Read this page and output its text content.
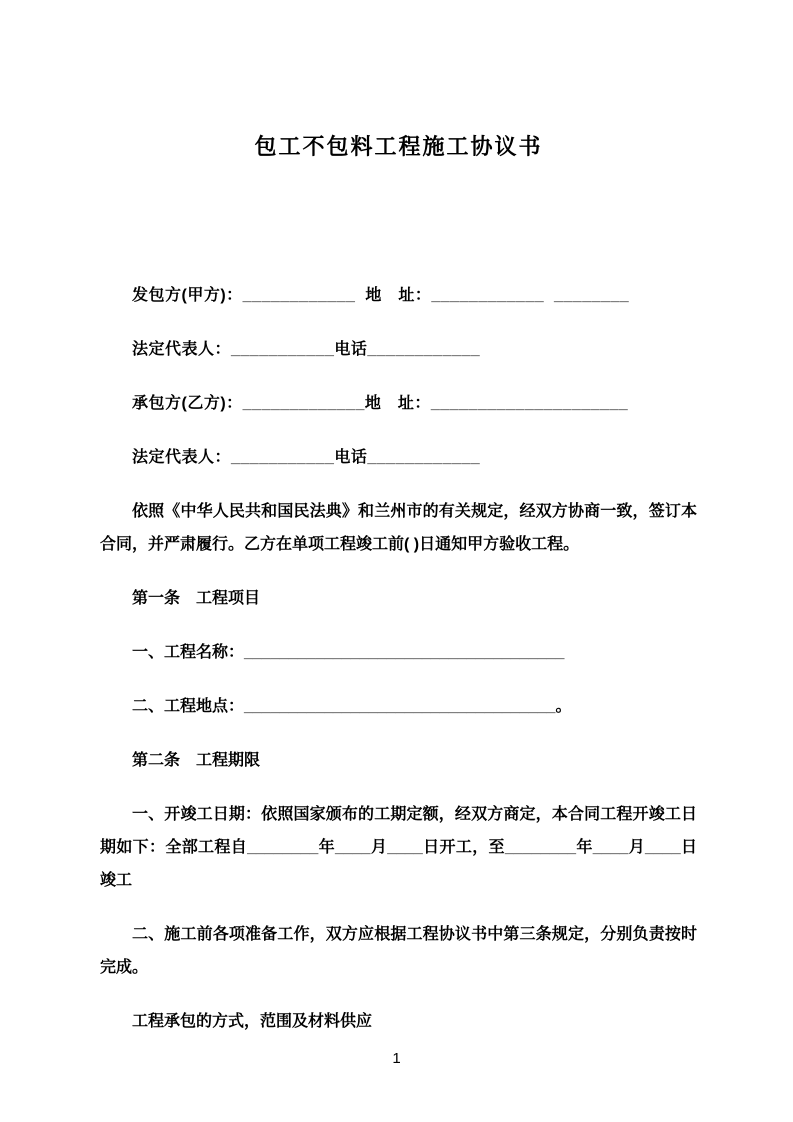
包工不包料工程施工协议书

发包方(甲方)：____________  地　址：____________  ________

法定代表人：___________电话____________

承包方(乙方)：_____________地　址：_____________________

法定代表人：___________电话____________

依照《中华人民共和国民法典》和兰州市的有关规定，经双方协商一致，签订本合同，并严肃履行。乙方在单项工程竣工前( )日通知甲方验收工程。

第一条　工程项目

一、工程名称：____________________________________

二、工程地点：___________________________________。

第二条　工程期限

一、开竣工日期：依照国家颁布的工期定额，经双方商定，本合同工程开竣工日期如下：全部工程自________年____月____日开工，至________年____月____日竣工

二、施工前各项准备工作，双方应根据工程协议书中第三条规定，分别负责按时完成。

工程承包的方式，范围及材料供应

1
